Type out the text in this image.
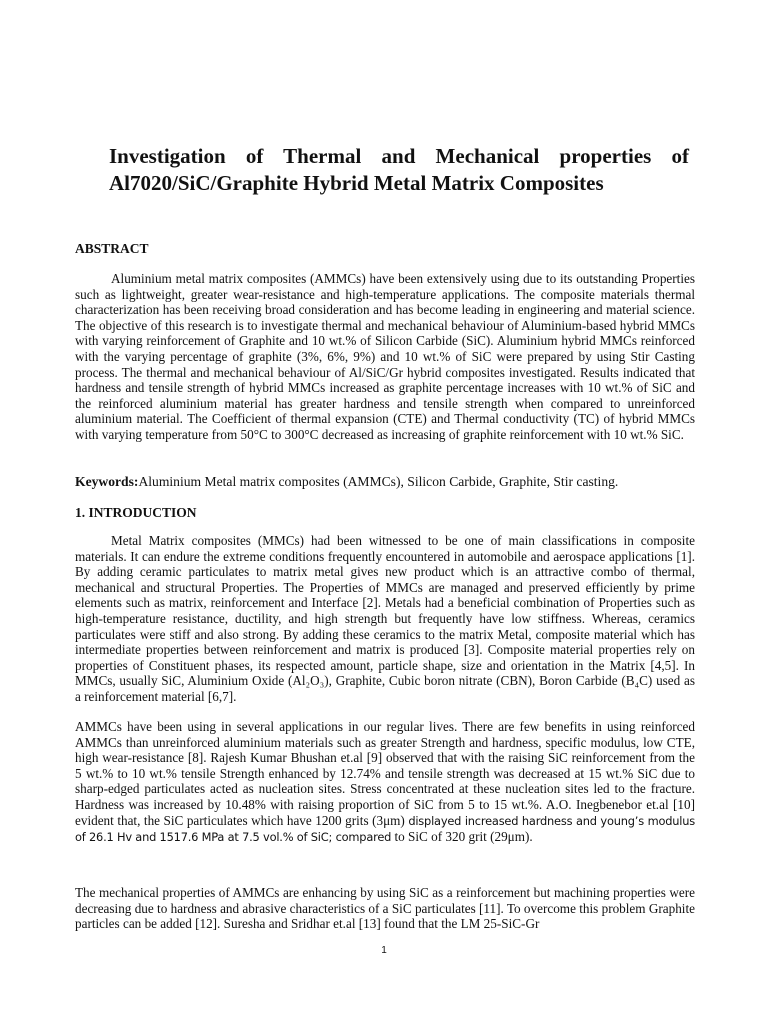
Investigation of Thermal and Mechanical properties of Al7020/SiC/Graphite Hybrid Metal Matrix Composites
ABSTRACT

Aluminium metal matrix composites (AMMCs) have been extensively using due to its outstanding Properties such as lightweight, greater wear-resistance and high-temperature applications. The composite materials thermal characterization has been receiving broad consideration and has become leading in engineering and material science. The objective of this research is to investigate thermal and mechanical behaviour of Aluminium-based hybrid MMCs with varying reinforcement of Graphite and 10 wt.% of Silicon Carbide (SiC). Aluminium hybrid MMCs reinforced with the varying percentage of graphite (3%, 6%, 9%) and 10 wt.% of SiC were prepared by using Stir Casting process. The thermal and mechanical behaviour of Al/SiC/Gr hybrid composites investigated. Results indicated that hardness and tensile strength of hybrid MMCs increased as graphite percentage increases with 10 wt.% of SiC and the reinforced aluminium material has greater hardness and tensile strength when compared to unreinforced aluminium material. The Coefficient of thermal expansion (CTE) and Thermal conductivity (TC) of hybrid MMCs with varying temperature from 50°C to 300°C decreased as increasing of graphite reinforcement with 10 wt.% SiC.

Keywords:Aluminium Metal matrix composites (AMMCs), Silicon Carbide, Graphite, Stir casting.

1. INTRODUCTION

Metal Matrix composites (MMCs) had been witnessed to be one of main classifications in composite materials. It can endure the extreme conditions frequently encountered in automobile and aerospace applications [1]. By adding ceramic particulates to matrix metal gives new product which is an attractive combo of thermal, mechanical and structural Properties. The Properties of MMCs are managed and preserved efficiently by prime elements such as matrix, reinforcement and Interface [2]. Metals had a beneficial combination of Properties such as high-temperature resistance, ductility, and high strength but frequently have low stiffness. Whereas, ceramics particulates were stiff and also strong. By adding these ceramics to the matrix Metal, composite material which has intermediate properties between reinforcement and matrix is produced [3]. Composite material properties rely on properties of Constituent phases, its respected amount, particle shape, size and orientation in the Matrix [4,5]. In MMCs, usually SiC, Aluminium Oxide (Al₂O₃), Graphite, Cubic boron nitrate (CBN), Boron Carbide (B₄C) used as a reinforcement material [6,7].

AMMCs have been using in several applications in our regular lives. There are few benefits in using reinforced AMMCs than unreinforced aluminium materials such as greater Strength and hardness, specific modulus, low CTE, high wear-resistance [8]. Rajesh Kumar Bhushan et.al [9] observed that with the raising SiC reinforcement from the 5 wt.% to 10 wt.% tensile Strength enhanced by 12.74% and tensile strength was decreased at 15 wt.% SiC due to sharp-edged particulates acted as nucleation sites. Stress concentrated at these nucleation sites led to the fracture. Hardness was increased by 10.48% with raising proportion of SiC from 5 to 15 wt.%. A.O. Inegbenebor et.al [10] evident that, the SiC particulates which have 1200 grits (3μm) displayed increased hardness and young’s modulus of 26.1 Hv and 1517.6 MPa at 7.5 vol.% of SiC; compared to SiC of 320 grit (29μm).

The mechanical properties of AMMCs are enhancing by using SiC as a reinforcement but machining properties were decreasing due to hardness and abrasive characteristics of a SiC particulates [11]. To overcome this problem Graphite particles can be added [12]. Suresha and Sridhar et.al [13] found that the LM 25-SiC-Gr

1
